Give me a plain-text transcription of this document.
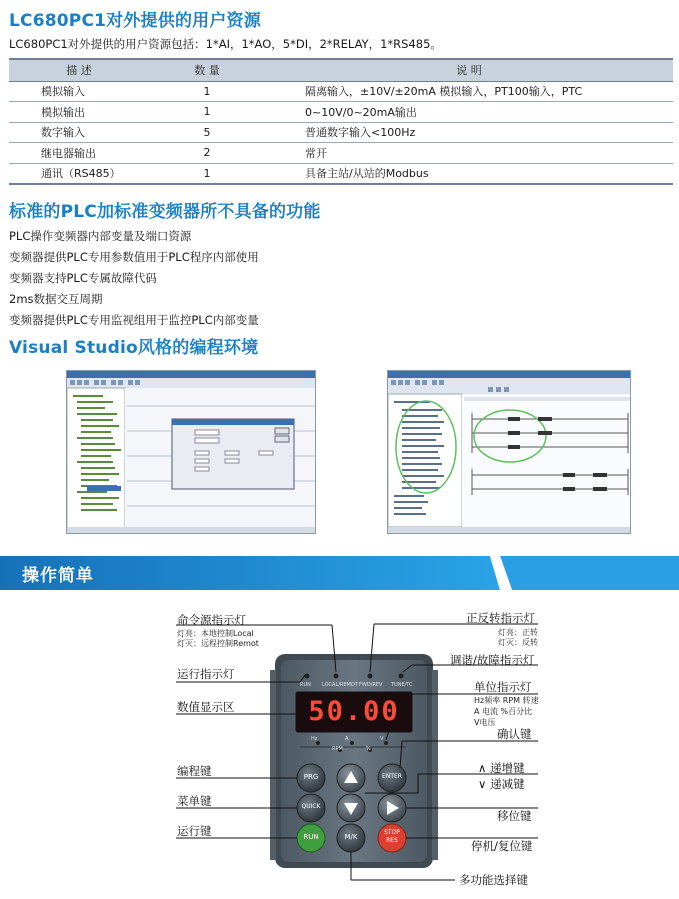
LC680PC1对外提供的用户资源
LC680PC1对外提供的用户资源包括：1*AI，1*AO，5*DI，2*RELAY，1*RS485。
描 述	数 量	说 明
模拟输入	1	隔离输入，±10V/±20mA 模拟输入，PT100输入，PTC
模拟输出	1	0~10V/0~20mA输出
数字输入	5	普通数字输入<100Hz
继电器输出	2	常开
通讯（RS485）	1	具备主站/从站的Modbus
标准的PLC加标准变频器所不具备的功能
PLC操作变频器内部变量及端口资源
变频器提供PLC专用参数值用于PLC程序内部使用
变频器支持PLC专属故障代码
2ms数据交互周期
变频器提供PLC专用监视组用于监控PLC内部变量
Visual Studio风格的编程环境
操作简单
RUN LOCAL/REMOT FWD/REV TUNE/TC
50.00
Hz	A	V
RPM	%
PRG
QUICK
RUN	M/K
ENTER
STOP
RES
命令源指示灯
灯亮：本地控制Local
灯灭：远程控制Remot
运行指示灯
数值显示区
编程键
菜单键
运行键
正反转指示灯
灯亮：正转
灯灭：反转
调谐/故障指示灯
单位指示灯
Hz频率 RPM 转速
A 电流 %百分比
V电压
确认键
∧ 递增键
∨ 递减键
移位键
停机/复位键
多功能选择键
